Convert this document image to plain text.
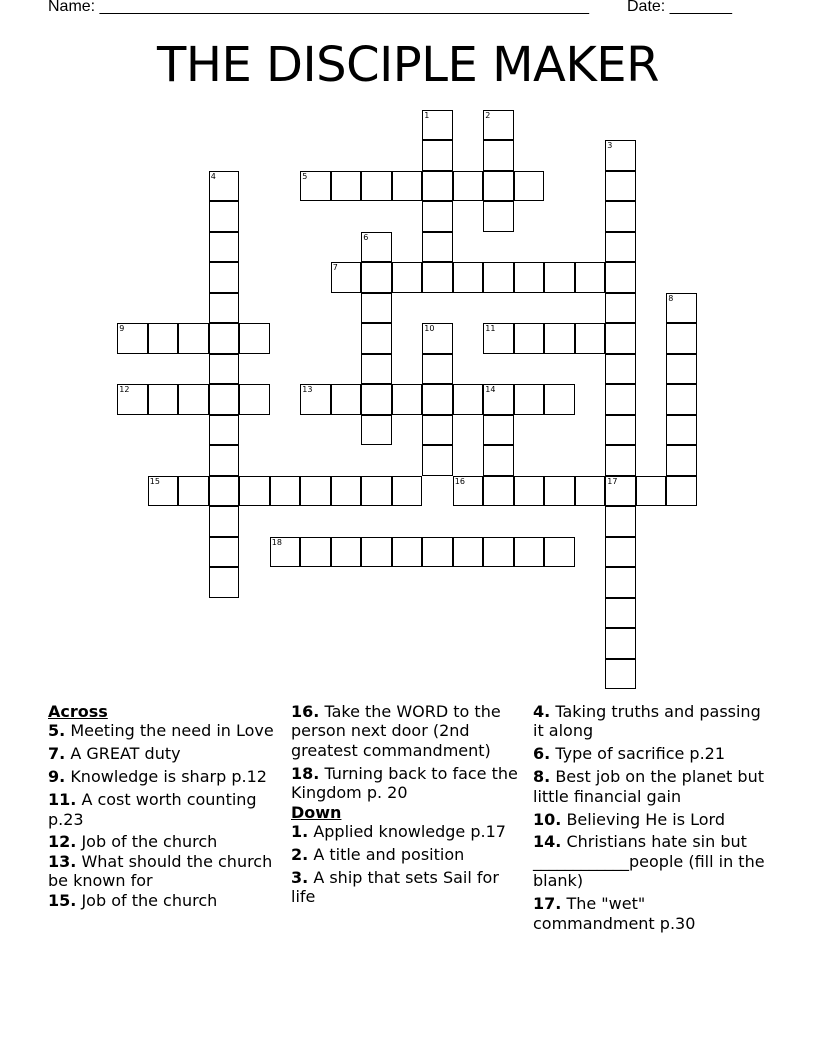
Name: _______________________________________________________ Date: _______
THE DISCIPLE MAKER
1	2
3
4	5
6
7
8
9	10	11
12	13	14
15	16	17
18
Across
5. Meeting the need in Love
7. A GREAT duty
9. Knowledge is sharp p.12
11. A cost worth counting p.23
12. Job of the church
13. What should the church be known for
15. Job of the church
16. Take the WORD to the person next door (2nd greatest commandment)
18. Turning back to face the Kingdom p. 20
Down
1. Applied knowledge p.17
2. A title and position
3. A ship that sets Sail for life
4. Taking truths and passing it along
6. Type of sacrifice p.21
8. Best job on the planet but little financial gain
10. Believing He is Lord
14. Christians hate sin but ____________people (fill in the blank)
17. The "wet" commandment p.30
